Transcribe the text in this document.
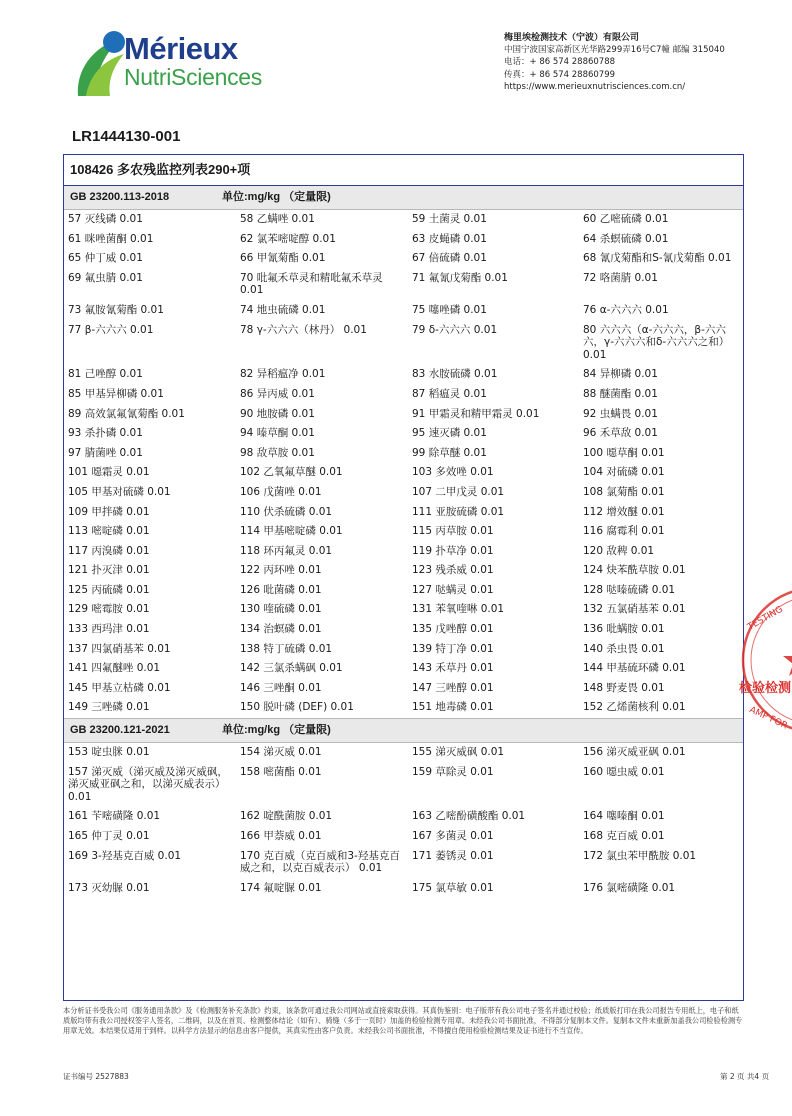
Mérieux
NutriSciences
梅里埃检测技术（宁波）有限公司
中国宁波国家高新区光华路299弄16号C7幢 邮编 315040
电话：+ 86 574 28860788
传真：+ 86 574 28860799
https://www.merieuxnutrisciences.com.cn/
LR1444130-001
108426 多农残监控列表290+项
GB 23200.113-2018	单位:mg/kg （定量限)
57 灭线磷 0.01	58 乙螨唑 0.01	59 土菌灵 0.01	60 乙嘧硫磷 0.01
61 咪唑菌酮 0.01	62 氯苯嘧啶醇 0.01	63 皮蝇磷 0.01	64 杀螟硫磷 0.01
65 仲丁威 0.01	66 甲氰菊酯 0.01	67 倍硫磷 0.01	68 氰戊菊酯和S-氰戊菊酯 0.01
69 氟虫腈 0.01	70 吡氟禾草灵和精吡氟禾草灵 0.01	71 氟氰戊菊酯 0.01	72 咯菌腈 0.01
73 氟胺氰菊酯 0.01	74 地虫硫磷 0.01	75 噻唑磷 0.01	76 α-六六六 0.01
77 β-六六六 0.01	78 γ-六六六（林丹） 0.01	79 δ-六六六 0.01	80 六六六（α-六六六，β-六六六，γ-六六六和δ-六六六之和） 0.01
81 己唑醇 0.01	82 异稻瘟净 0.01	83 水胺硫磷 0.01	84 异柳磷 0.01
85 甲基异柳磷 0.01	86 异丙威 0.01	87 稻瘟灵 0.01	88 醚菌酯 0.01
89 高效氯氟氰菊酯 0.01	90 地胺磷 0.01	91 甲霜灵和精甲霜灵 0.01	92 虫螨畏 0.01
93 杀扑磷 0.01	94 嗪草酮 0.01	95 速灭磷 0.01	96 禾草敌 0.01
97 腈菌唑 0.01	98 敌草胺 0.01	99 除草醚 0.01	100 噁草酮 0.01
101 噁霜灵 0.01	102 乙氧氟草醚 0.01	103 多效唑 0.01	104 对硫磷 0.01
105 甲基对硫磷 0.01	106 戊菌唑 0.01	107 二甲戊灵 0.01	108 氯菊酯 0.01
109 甲拌磷 0.01	110 伏杀硫磷 0.01	111 亚胺硫磷 0.01	112 增效醚 0.01
113 嘧啶磷 0.01	114 甲基嘧啶磷 0.01	115 丙草胺 0.01	116 腐霉利 0.01
117 丙溴磷 0.01	118 环丙氟灵 0.01	119 扑草净 0.01	120 敌稗 0.01
121 扑灭津 0.01	122 丙环唑 0.01	123 残杀威 0.01	124 炔苯酰草胺 0.01
125 丙硫磷 0.01	126 吡菌磷 0.01	127 哒螨灵 0.01	128 哒嗪硫磷 0.01
129 嘧霉胺 0.01	130 喹硫磷 0.01	131 苯氧喹啉 0.01	132 五氯硝基苯 0.01
133 西玛津 0.01	134 治螟磷 0.01	135 戊唑醇 0.01	136 吡螨胺 0.01
137 四氯硝基苯 0.01	138 特丁硫磷 0.01	139 特丁净 0.01	140 杀虫畏 0.01
141 四氟醚唑 0.01	142 三氯杀螨砜 0.01	143 禾草丹 0.01	144 甲基硫环磷 0.01
145 甲基立枯磷 0.01	146 三唑酮 0.01	147 三唑醇 0.01	148 野麦畏 0.01
149 三唑磷 0.01	150 脱叶磷 (DEF) 0.01	151 地毒磷 0.01	152 乙烯菌核利 0.01
GB 23200.121-2021	单位:mg/kg （定量限)
153 啶虫脒 0.01	154 涕灭威 0.01	155 涕灭威砜 0.01	156 涕灭威亚砜 0.01
157 涕灭威（涕灭威及涕灭威砜，涕灭威亚砜之和，以涕灭威表示） 0.01	158 嘧菌酯 0.01	159 草除灵 0.01	160 噁虫威 0.01
161 苄嘧磺隆 0.01	162 啶酰菌胺 0.01	163 乙嘧酚磺酸酯 0.01	164 噻嗪酮 0.01
165 仲丁灵 0.01	166 甲萘威 0.01	167 多菌灵 0.01	168 克百威 0.01
169 3-羟基克百威 0.01	170 克百威（克百威和3-羟基克百威之和，以克百威表示） 0.01	171 萎锈灵 0.01	172 氯虫苯甲酰胺 0.01
173 灭幼脲 0.01	174 氟啶脲 0.01	175 氯草敏 0.01	176 氯嘧磺隆 0.01
TESTING
检验检测
AMP FOR
本分析证书受我公司《服务通用条款》及《检测服务补充条款》约束，该条款可通过我公司网站或直接索取获得。其真伪鉴别：电子版带有我公司电子签名并通过校验；纸质版打印在我公司报告专用纸上，电子和纸质版均带有我公司授权签字人签名，二维码，以及在首页、检测整体结论（如有）、骑缝（多于一页时）加盖的检验检测专用章。未经我公司书面批准，不得部分复制本文件。复制本文件未重新加盖我公司检验检测专用章无效。本结果仅适用于到样。以科学方法显示的信息由客户提供，其真实性由客户负责。未经我公司书面批准，不得擅自使用检验检测结果及证书进行不当宣传。
证书编号 2527883	第 2 页 共4 页
